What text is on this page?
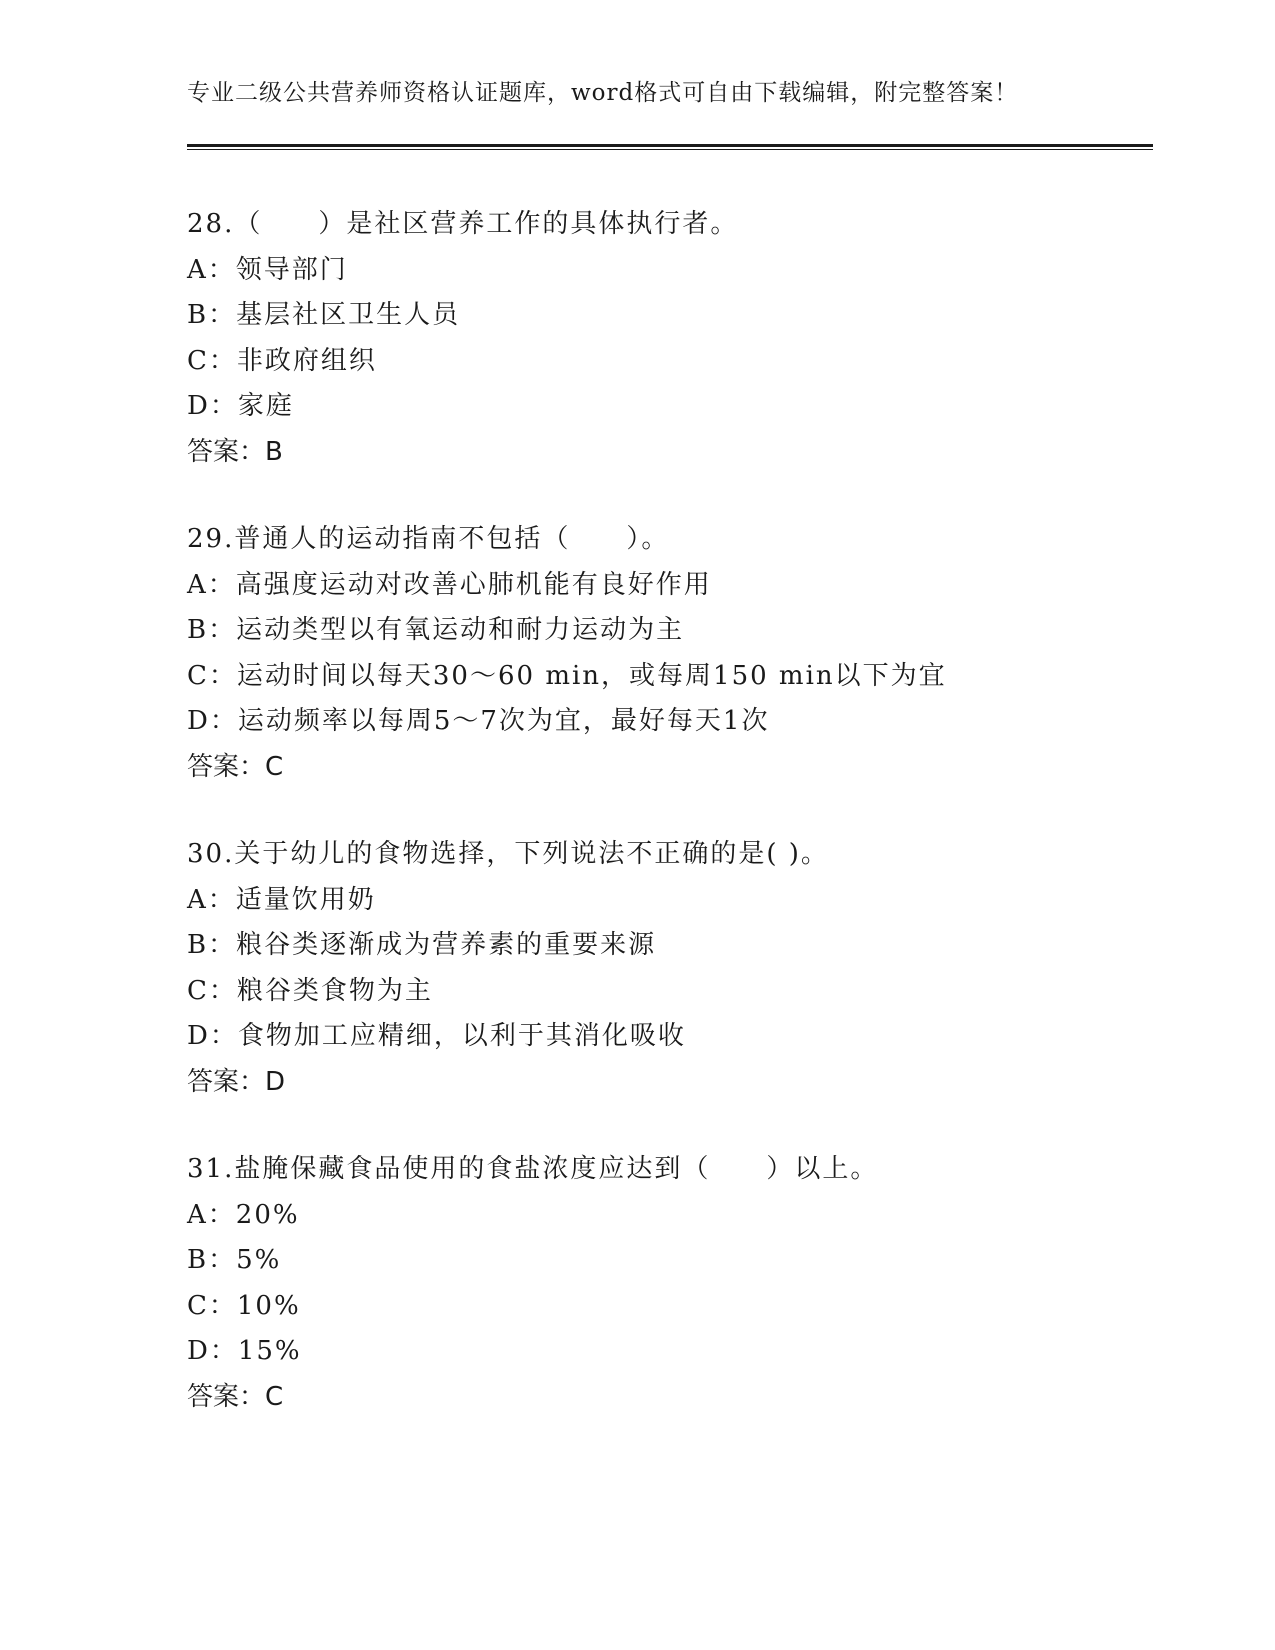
专业二级公共营养师资格认证题库，word格式可自由下载编辑，附完整答案！
28.（　　）是社区营养工作的具体执行者。
A：领导部门
B：基层社区卫生人员
C：非政府组织
D：家庭
答案：B
29.普通人的运动指南不包括（　　）。
A：高强度运动对改善心肺机能有良好作用
B：运动类型以有氧运动和耐力运动为主
C：运动时间以每天30～60 min，或每周150 min以下为宜
D：运动频率以每周5～7次为宜，最好每天1次
答案：C
30.关于幼儿的食物选择，下列说法不正确的是( )。
A：适量饮用奶
B：粮谷类逐渐成为营养素的重要来源
C：粮谷类食物为主
D：食物加工应精细，以利于其消化吸收
答案：D
31.盐腌保藏食品使用的食盐浓度应达到（　　）以上。
A：20%
B：5%
C：10%
D：15%
答案：C
